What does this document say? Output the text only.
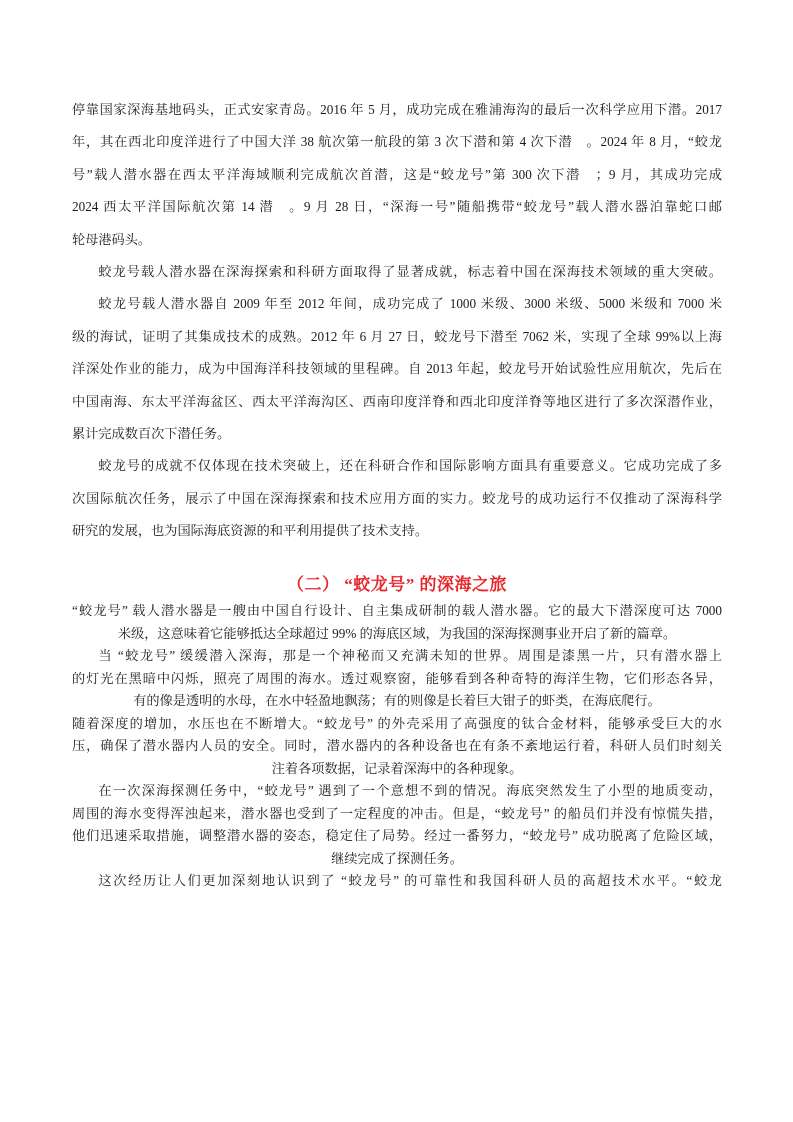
停靠国家深海基地码头，正式安家青岛。2016 年 5 月，成功完成在雅浦海沟的最后一次科学应用下潜。2017
年，其在西北印度洋进行了中国大洋 38 航次第一航段的第 3 次下潜和第 4 次下潜　。2024 年 8 月，“蛟龙
号”载人潜水器在西太平洋海域顺利完成航次首潜，这是“蛟龙号”第 300 次下潜　；9 月，其成功完成
2024 西太平洋国际航次第 14 潜　。9 月 28 日，“深海一号”随船携带“蛟龙号”载人潜水器泊靠蛇口邮
轮母港码头。
蛟龙号载人潜水器在深海探索和科研方面取得了显著成就，标志着中国在深海技术领域的重大突破。
蛟龙号载人潜水器自 2009 年至 2012 年间，成功完成了 1000 米级、3000 米级、5000 米级和 7000 米
级的海试，证明了其集成技术的成熟。2012 年 6 月 27 日，蛟龙号下潜至 7062 米，实现了全球 99%以上海
洋深处作业的能力，成为中国海洋科技领域的里程碑。自 2013 年起，蛟龙号开始试验性应用航次，先后在
中国南海、东太平洋海盆区、西太平洋海沟区、西南印度洋脊和西北印度洋脊等地区进行了多次深潜作业，
累计完成数百次下潜任务。
蛟龙号的成就不仅体现在技术突破上，还在科研合作和国际影响方面具有重要意义。它成功完成了多
次国际航次任务，展示了中国在深海探索和技术应用方面的实力。蛟龙号的成功运行不仅推动了深海科学
研究的发展，也为国际海底资源的和平利用提供了技术支持。
（二） “蛟龙号” 的深海之旅
“蛟龙号” 载人潜水器是一艘由中国自行设计、自主集成研制的载人潜水器。它的最大下潜深度可达 7000
米级，这意味着它能够抵达全球超过 99% 的海底区域，为我国的深海探测事业开启了新的篇章。
当 “蛟龙号” 缓缓潜入深海，那是一个神秘而又充满未知的世界。周围是漆黑一片，只有潜水器上
的灯光在黑暗中闪烁，照亮了周围的海水。透过观察窗，能够看到各种奇特的海洋生物，它们形态各异，
有的像是透明的水母，在水中轻盈地飘荡；有的则像是长着巨大钳子的虾类，在海底爬行。
随着深度的增加，水压也在不断增大。“蛟龙号” 的外壳采用了高强度的钛合金材料，能够承受巨大的水
压，确保了潜水器内人员的安全。同时，潜水器内的各种设备也在有条不紊地运行着，科研人员们时刻关
注着各项数据，记录着深海中的各种现象。
在一次深海探测任务中，“蛟龙号” 遇到了一个意想不到的情况。海底突然发生了小型的地质变动，
周围的海水变得浑浊起来，潜水器也受到了一定程度的冲击。但是，“蛟龙号” 的船员们并没有惊慌失措，
他们迅速采取措施，调整潜水器的姿态，稳定住了局势。经过一番努力，“蛟龙号” 成功脱离了危险区域，
继续完成了探测任务。
这次经历让人们更加深刻地认识到了 “蛟龙号” 的可靠性和我国科研人员的高超技术水平。“蛟龙
